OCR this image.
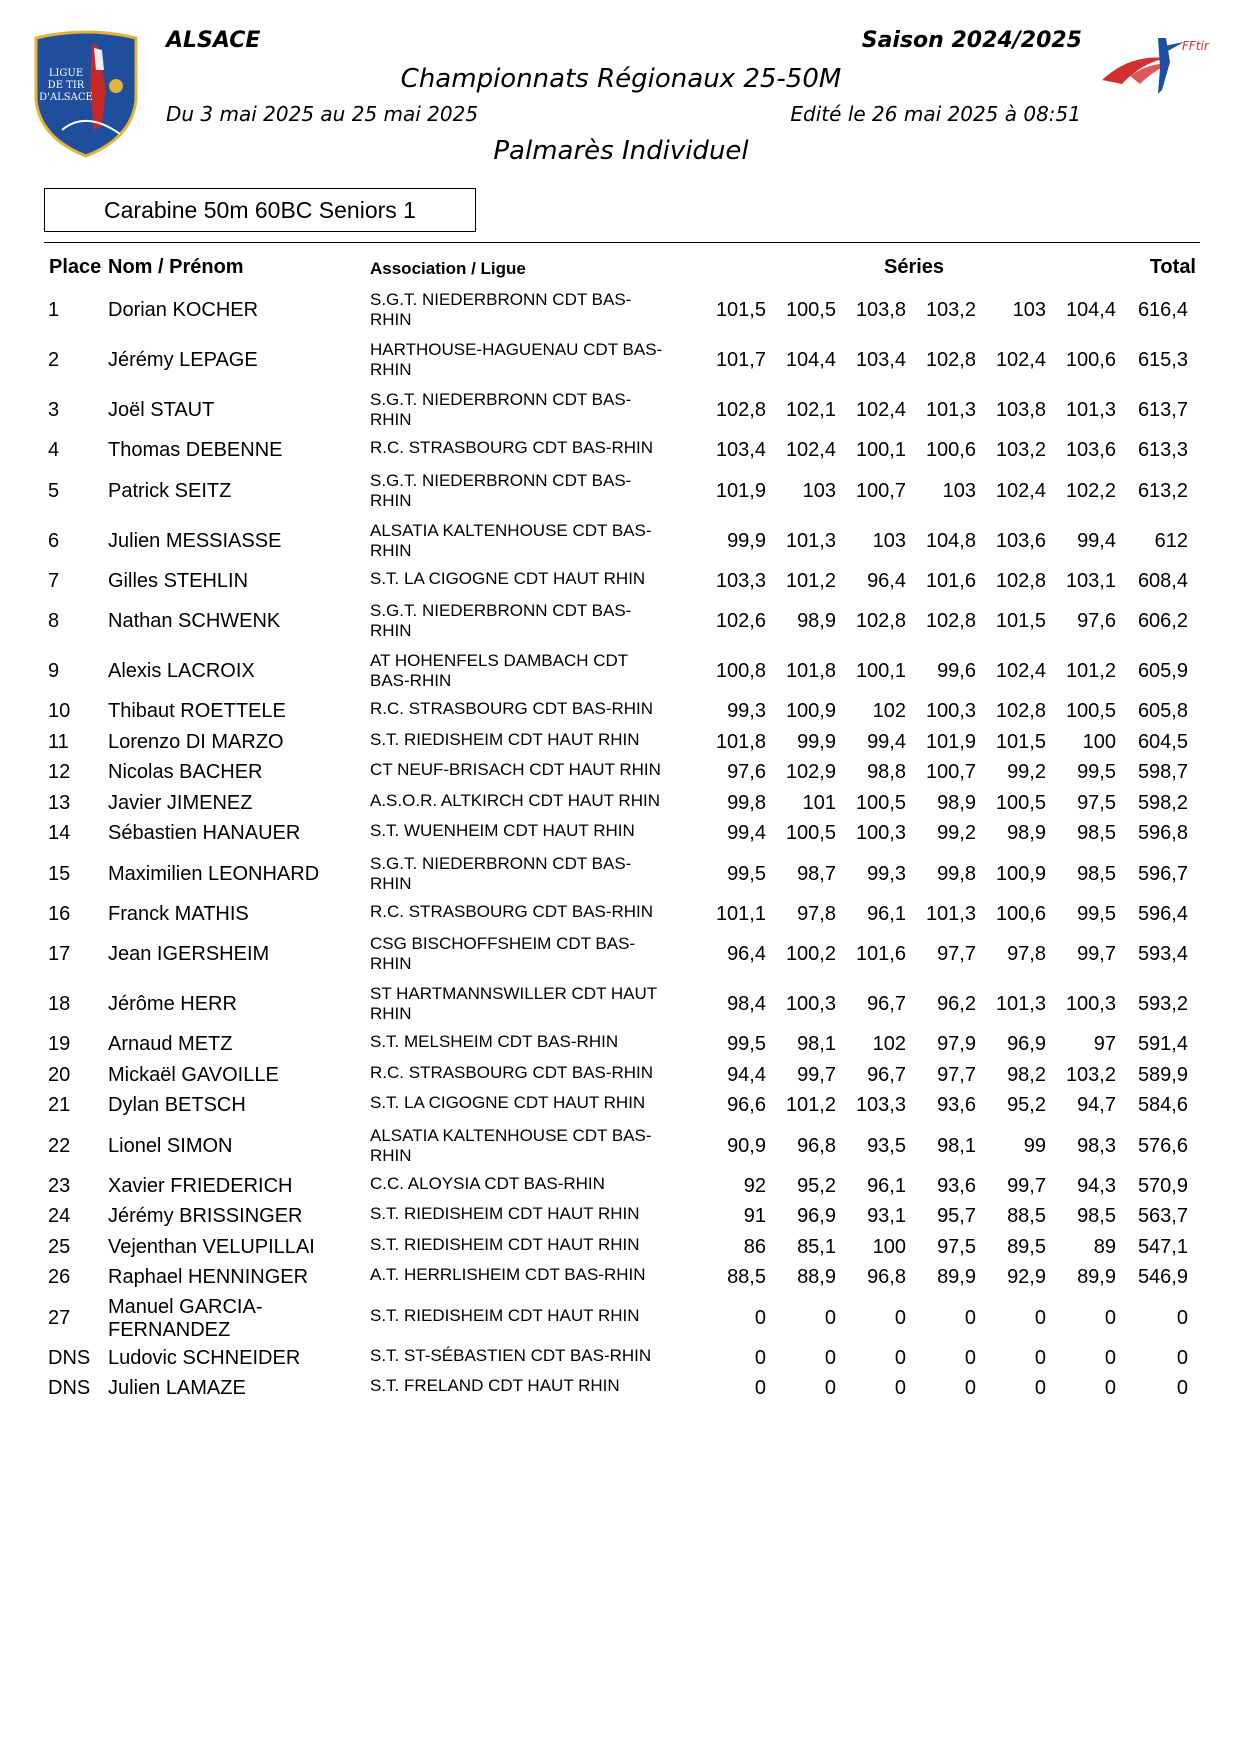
LIGUE
DE TIR
D'ALSACE
FFtir
ALSACE	Saison 2024/2025
Championnats Régionaux 25-50M
Du 3 mai 2025 au 25 mai 2025	Edité le 26 mai 2025 à 08:51
Palmarès Individuel
Carabine 50m 60BC Seniors 1
Place Nom / Prénom	Association / Ligue	Séries	Total
1 Dorian KOCHER	S.G.T. NIEDERBRONN CDT BAS-
RHIN	101,5 100,5 103,8 103,2	103 104,4	616,4
2 Jérémy LEPAGE	HARTHOUSE-HAGUENAU CDT BAS-
RHIN	101,7 104,4 103,4 102,8 102,4 100,6	615,3
3 Joël STAUT	S.G.T. NIEDERBRONN CDT BAS-
RHIN	102,8 102,1 102,4 101,3 103,8 101,3	613,7
4 Thomas DEBENNE	R.C. STRASBOURG CDT BAS-RHIN	103,4 102,4 100,1 100,6 103,2 103,6	613,3
5 Patrick SEITZ	S.G.T. NIEDERBRONN CDT BAS-
RHIN	101,9	103 100,7	103 102,4 102,2	613,2
6 Julien MESSIASSE	ALSATIA KALTENHOUSE CDT BAS-
RHIN	99,9 101,3	103 104,8 103,6	99,4	612
7 Gilles STEHLIN	S.T. LA CIGOGNE CDT HAUT RHIN	103,3 101,2	96,4 101,6 102,8 103,1	608,4
8 Nathan SCHWENK	S.G.T. NIEDERBRONN CDT BAS-
RHIN	102,6	98,9 102,8 102,8 101,5	97,6	606,2
9 Alexis LACROIX	AT HOHENFELS DAMBACH CDT
BAS-RHIN	100,8 101,8 100,1	99,6 102,4 101,2	605,9
10 Thibaut ROETTELE	R.C. STRASBOURG CDT BAS-RHIN	99,3 100,9	102 100,3 102,8 100,5	605,8
11 Lorenzo DI MARZO	S.T. RIEDISHEIM CDT HAUT RHIN	101,8	99,9	99,4 101,9 101,5	100	604,5
12 Nicolas BACHER	CT NEUF-BRISACH CDT HAUT RHIN	97,6 102,9	98,8 100,7	99,2	99,5	598,7
13 Javier JIMENEZ	A.S.O.R. ALTKIRCH CDT HAUT RHIN	99,8	101 100,5	98,9 100,5	97,5	598,2
14 Sébastien HANAUER	S.T. WUENHEIM CDT HAUT RHIN	99,4 100,5 100,3	99,2	98,9	98,5	596,8
15 Maximilien LEONHARD	S.G.T. NIEDERBRONN CDT BAS-
RHIN	99,5	98,7	99,3	99,8 100,9	98,5	596,7
16 Franck MATHIS	R.C. STRASBOURG CDT BAS-RHIN	101,1	97,8	96,1 101,3 100,6	99,5	596,4
17 Jean IGERSHEIM	CSG BISCHOFFSHEIM CDT BAS-
RHIN	96,4 100,2 101,6	97,7	97,8	99,7	593,4
18 Jérôme HERR	ST HARTMANNSWILLER CDT HAUT
RHIN	98,4 100,3	96,7	96,2 101,3 100,3	593,2
19 Arnaud METZ	S.T. MELSHEIM CDT BAS-RHIN	99,5	98,1	102	97,9	96,9	97	591,4
20 Mickaël GAVOILLE	R.C. STRASBOURG CDT BAS-RHIN	94,4	99,7	96,7	97,7	98,2 103,2	589,9
21 Dylan BETSCH	S.T. LA CIGOGNE CDT HAUT RHIN	96,6 101,2 103,3	93,6	95,2	94,7	584,6
22 Lionel SIMON	ALSATIA KALTENHOUSE CDT BAS-
RHIN	90,9	96,8	93,5	98,1	99	98,3	576,6
23 Xavier FRIEDERICH	C.C. ALOYSIA CDT BAS-RHIN	92	95,2	96,1	93,6	99,7	94,3	570,9
24 Jérémy BRISSINGER	S.T. RIEDISHEIM CDT HAUT RHIN	91	96,9	93,1	95,7	88,5	98,5	563,7
25 Vejenthan VELUPILLAI	S.T. RIEDISHEIM CDT HAUT RHIN	86	85,1	100	97,5	89,5	89	547,1
26 Raphael HENNINGER	A.T. HERRLISHEIM CDT BAS-RHIN	88,5	88,9	96,8	89,9	92,9	89,9	546,9
27 Manuel GARCIA-
FERNANDEZ
S.T. RIEDISHEIM CDT HAUT RHIN	0	0	0	0	0	0	0
DNS Ludovic SCHNEIDER	S.T. ST-SÉBASTIEN CDT BAS-RHIN	0	0	0	0	0	0	0
DNS Julien LAMAZE	S.T. FRELAND CDT HAUT RHIN	0	0	0	0	0	0	0
